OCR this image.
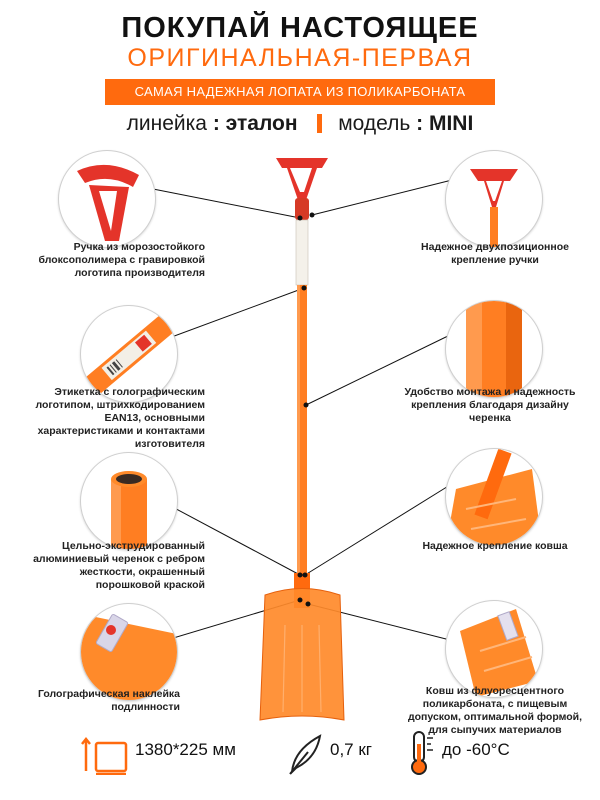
ПОКУПАЙ НАСТОЯЩЕЕ
ОРИГИНАЛЬНАЯ-ПЕРВАЯ
САМАЯ НАДЕЖНАЯ ЛОПАТА ИЗ ПОЛИКАРБОНАТА
линейка : эталон модель : MINI
Ручка из морозостойкого блоксополимера с гравировкой логотипа производителя
Этикетка с голографическим логотипом, штрихкодированием EAN13, основными характеристиками и контактами изготовителя
Цельно-экструдированный алюминиевый черенок с ребром жесткости, окрашенный порошковой краской
Голографическая наклейка подлинности
Надежное двухпозиционное крепление ручки
Удобство монтажа и надежность крепления благодаря дизайну черенка
Надежное крепление ковша
Ковш из флуоресцентного поликарбоната, с пищевым допуском, оптимальной формой, для сыпучих материалов
1380*225 мм	0,7 кг	до -60°C
